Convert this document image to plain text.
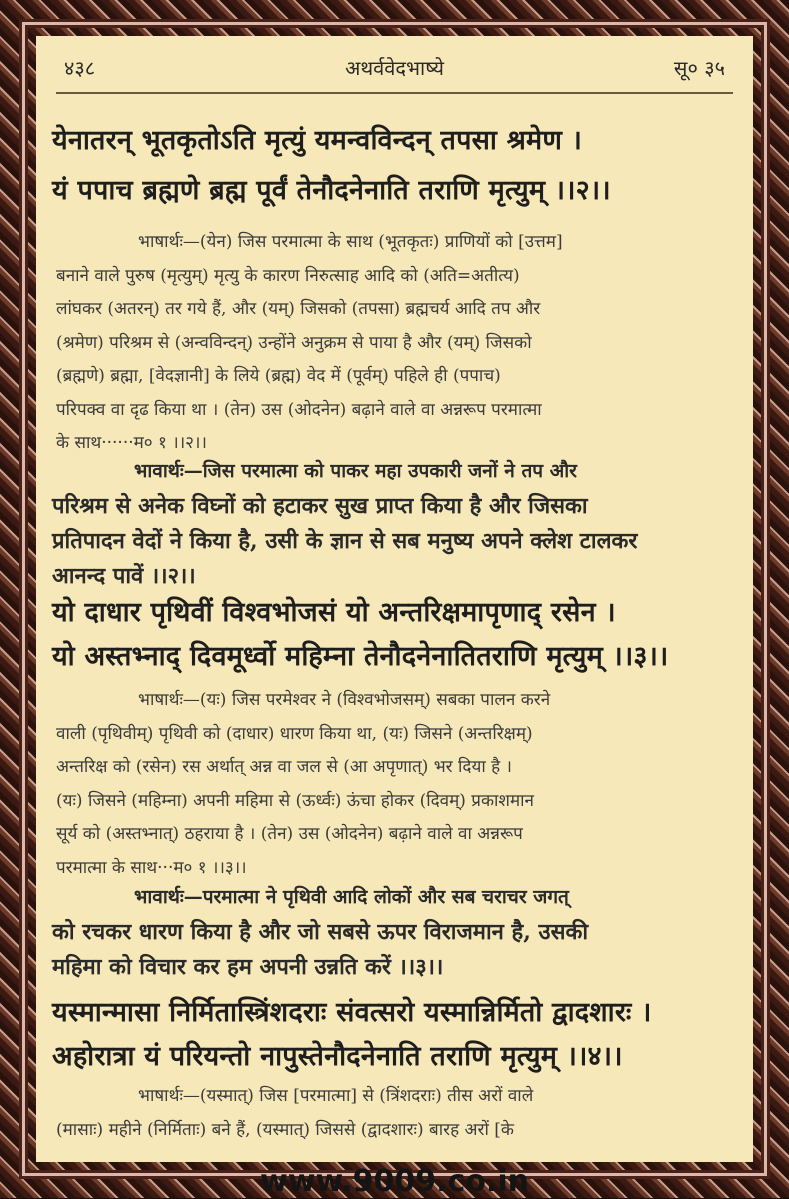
४३८	अथर्ववेदभाष्ये	सू० ३५
येनातरन् भूतकृतोऽति मृत्युं यमन्वविन्दन् तपसा श्रमेण ।
यं पपाच ब्रह्मणे ब्रह्म पूर्वं तेनौदनेनाति तराणि मृत्युम् ।।२।।
भाषार्थः—(येन) जिस परमात्मा के साथ (भूतकृतः) प्राणियों को [उत्तम]
बनाने वाले पुरुष (मृत्युम्) मृत्यु के कारण निरुत्साह आदि को (अति=अतीत्य)
लांघकर (अतरन्) तर गये हैं, और (यम्) जिसको (तपसा) ब्रह्मचर्य आदि तप और
(श्रमेण) परिश्रम से (अन्वविन्दन्) उन्होंने अनुक्रम से पाया है और (यम्) जिसको
(ब्रह्मणे) ब्रह्मा, [वेदज्ञानी] के लिये (ब्रह्म) वेद में (पूर्वम्) पहिले ही (पपाच)
परिपक्व वा दृढ किया था । (तेन) उस (ओदनेन) बढ़ाने वाले वा अन्नरूप परमात्मा
के साथ······म० १ ।।२।।
भावार्थः—जिस परमात्मा को पाकर महा उपकारी जनों ने तप और
परिश्रम से अनेक विघ्नों को हटाकर सुख प्राप्त किया है और जिसका
प्रतिपादन वेदों ने किया है, उसी के ज्ञान से सब मनुष्य अपने क्लेश टालकर
आनन्द पावें ।।२।।
यो दाधार पृथिवीं विश्वभोजसं यो अन्तरिक्षमापृणाद् रसेन ।
यो अस्तभ्नाद् दिवमूर्ध्वो महिम्ना तेनौदनेनातितराणि मृत्युम् ।।३।।
भाषार्थः—(यः) जिस परमेश्वर ने (विश्वभोजसम्) सबका पालन करने
वाली (पृथिवीम्) पृथिवी को (दाधार) धारण किया था, (यः) जिसने (अन्तरिक्षम्)
अन्तरिक्ष को (रसेन) रस अर्थात् अन्न वा जल से (आ अपृणात्) भर दिया है ।
(यः) जिसने (महिम्ना) अपनी महिमा से (ऊर्ध्वः) ऊंचा होकर (दिवम्) प्रकाशमान
सूर्य को (अस्तभ्नात्) ठहराया है । (तेन) उस (ओदनेन) बढ़ाने वाले वा अन्नरूप
परमात्मा के साथ···म० १ ।।३।।
भावार्थः—परमात्मा ने पृथिवी आदि लोकों और सब चराचर जगत्
को रचकर धारण किया है और जो सबसे ऊपर विराजमान है, उसकी
महिमा को विचार कर हम अपनी उन्नति करें ।।३।।
यस्मान्मासा निर्मितास्त्रिंशदराः संवत्सरो यस्मान्निर्मितो द्वादशारः ।
अहोरात्रा यं परियन्तो नापुस्तेनौदनेनाति तराणि मृत्युम् ।।४।।
भाषार्थः—(यस्मात्) जिस [परमात्मा] से (त्रिंशदराः) तीस अरों वाले
(मासाः) महीने (निर्मिताः) बने हैं, (यस्मात्) जिससे (द्वादशारः) बारह अरों [के
www.9009.co.in
